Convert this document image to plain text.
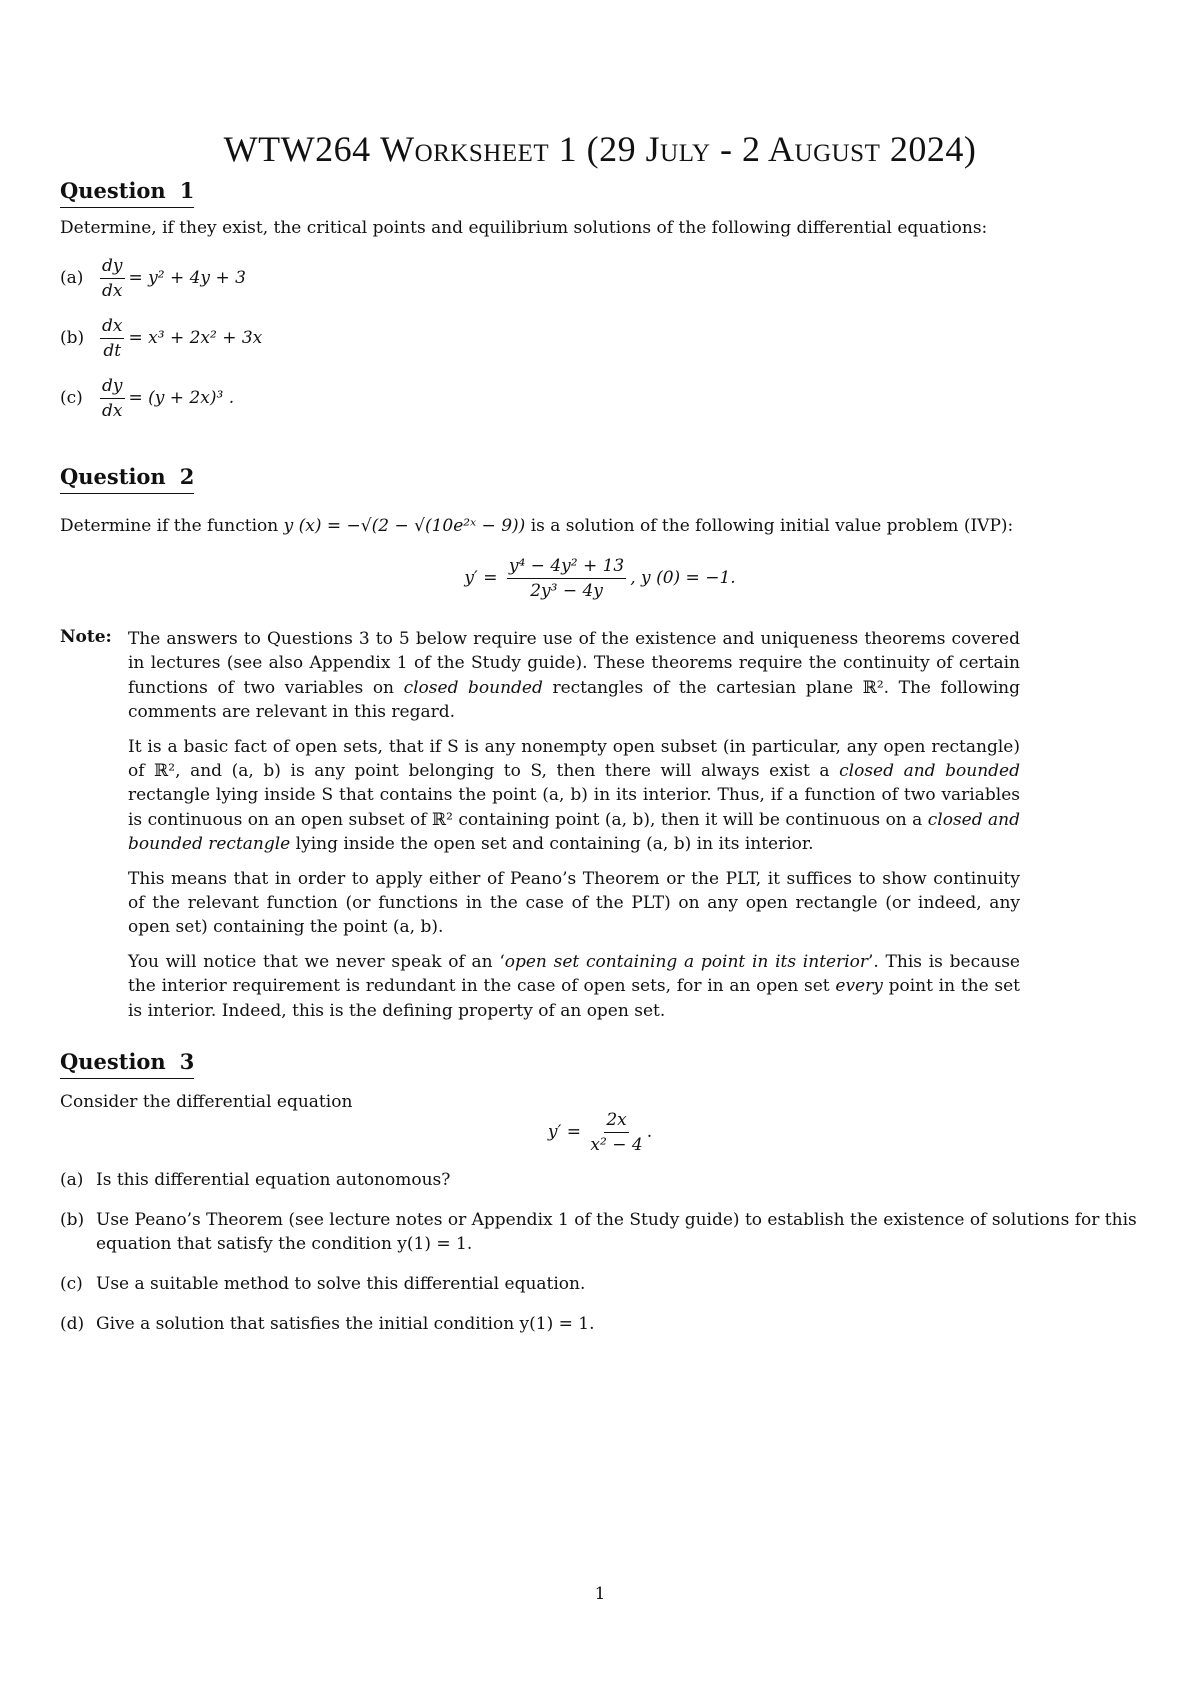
WTW264 Worksheet 1 (29 July - 2 August 2024)
Question 1
Determine, if they exist, the critical points and equilibrium solutions of the following differential equations:
$(a) \frac{dy}{dx} = y^2 + 4y + 3$
$(b) \frac{dx}{dt} = x^3 + 2x^2 + 3x$
(c)	$\frac{dy}{dx} = (y + 2x)^3$ .
Question 2
Determine if the function y (x) = −√(2 − √(10e²ˣ − 9)) is a solution of the following initial value problem (IVP):
$y' = \frac{\text{y⁴ − 4y² + 13}}{\text{2y³ − 4y}}$ , y (0) = −1.
Note: The answers to Questions 3 to 5 below require use of the existence and uniqueness theorems covered in lectures (see also Appendix 1 of the Study guide). These theorems require the continuity of certain functions of two variables on closed bounded rectangles of the cartesian plane ℝ². The following comments are relevant in this regard.

It is a basic fact of open sets, that if S is any nonempty open subset (in particular, any open rectangle) of ℝ², and (a, b) is any point belonging to S, then there will always exist a closed and bounded rectangle lying inside S that contains the point (a, b) in its interior. Thus, if a function of two variables is continuous on an open subset of ℝ² containing point (a, b), then it will be continuous on a closed and bounded rectangle lying inside the open set and containing (a, b) in its interior.

This means that in order to apply either of Peano’s Theorem or the PLT, it suffices to show continuity of the relevant function (or functions in the case of the PLT) on any open rectangle (or indeed, any open set) containing the point (a, b).

You will notice that we never speak of an ‘open set containing a point in its interior’. This is because the interior requirement is redundant in the case of open sets, for in an open set every point in the set is interior. Indeed, this is the defining property of an open set.

Question 3
Consider the differential equation
$y' = \frac{2x}{\text{x² − 4}}$ .
(a) Is this differential equation autonomous?
(b) Use Peano’s Theorem (see lecture notes or Appendix 1 of the Study guide) to establish the existence of solutions for this equation that satisfy the condition y(1) = 1.
(c) Use a suitable method to solve this differential equation.
(d) Give a solution that satisfies the initial condition y(1) = 1.
1
